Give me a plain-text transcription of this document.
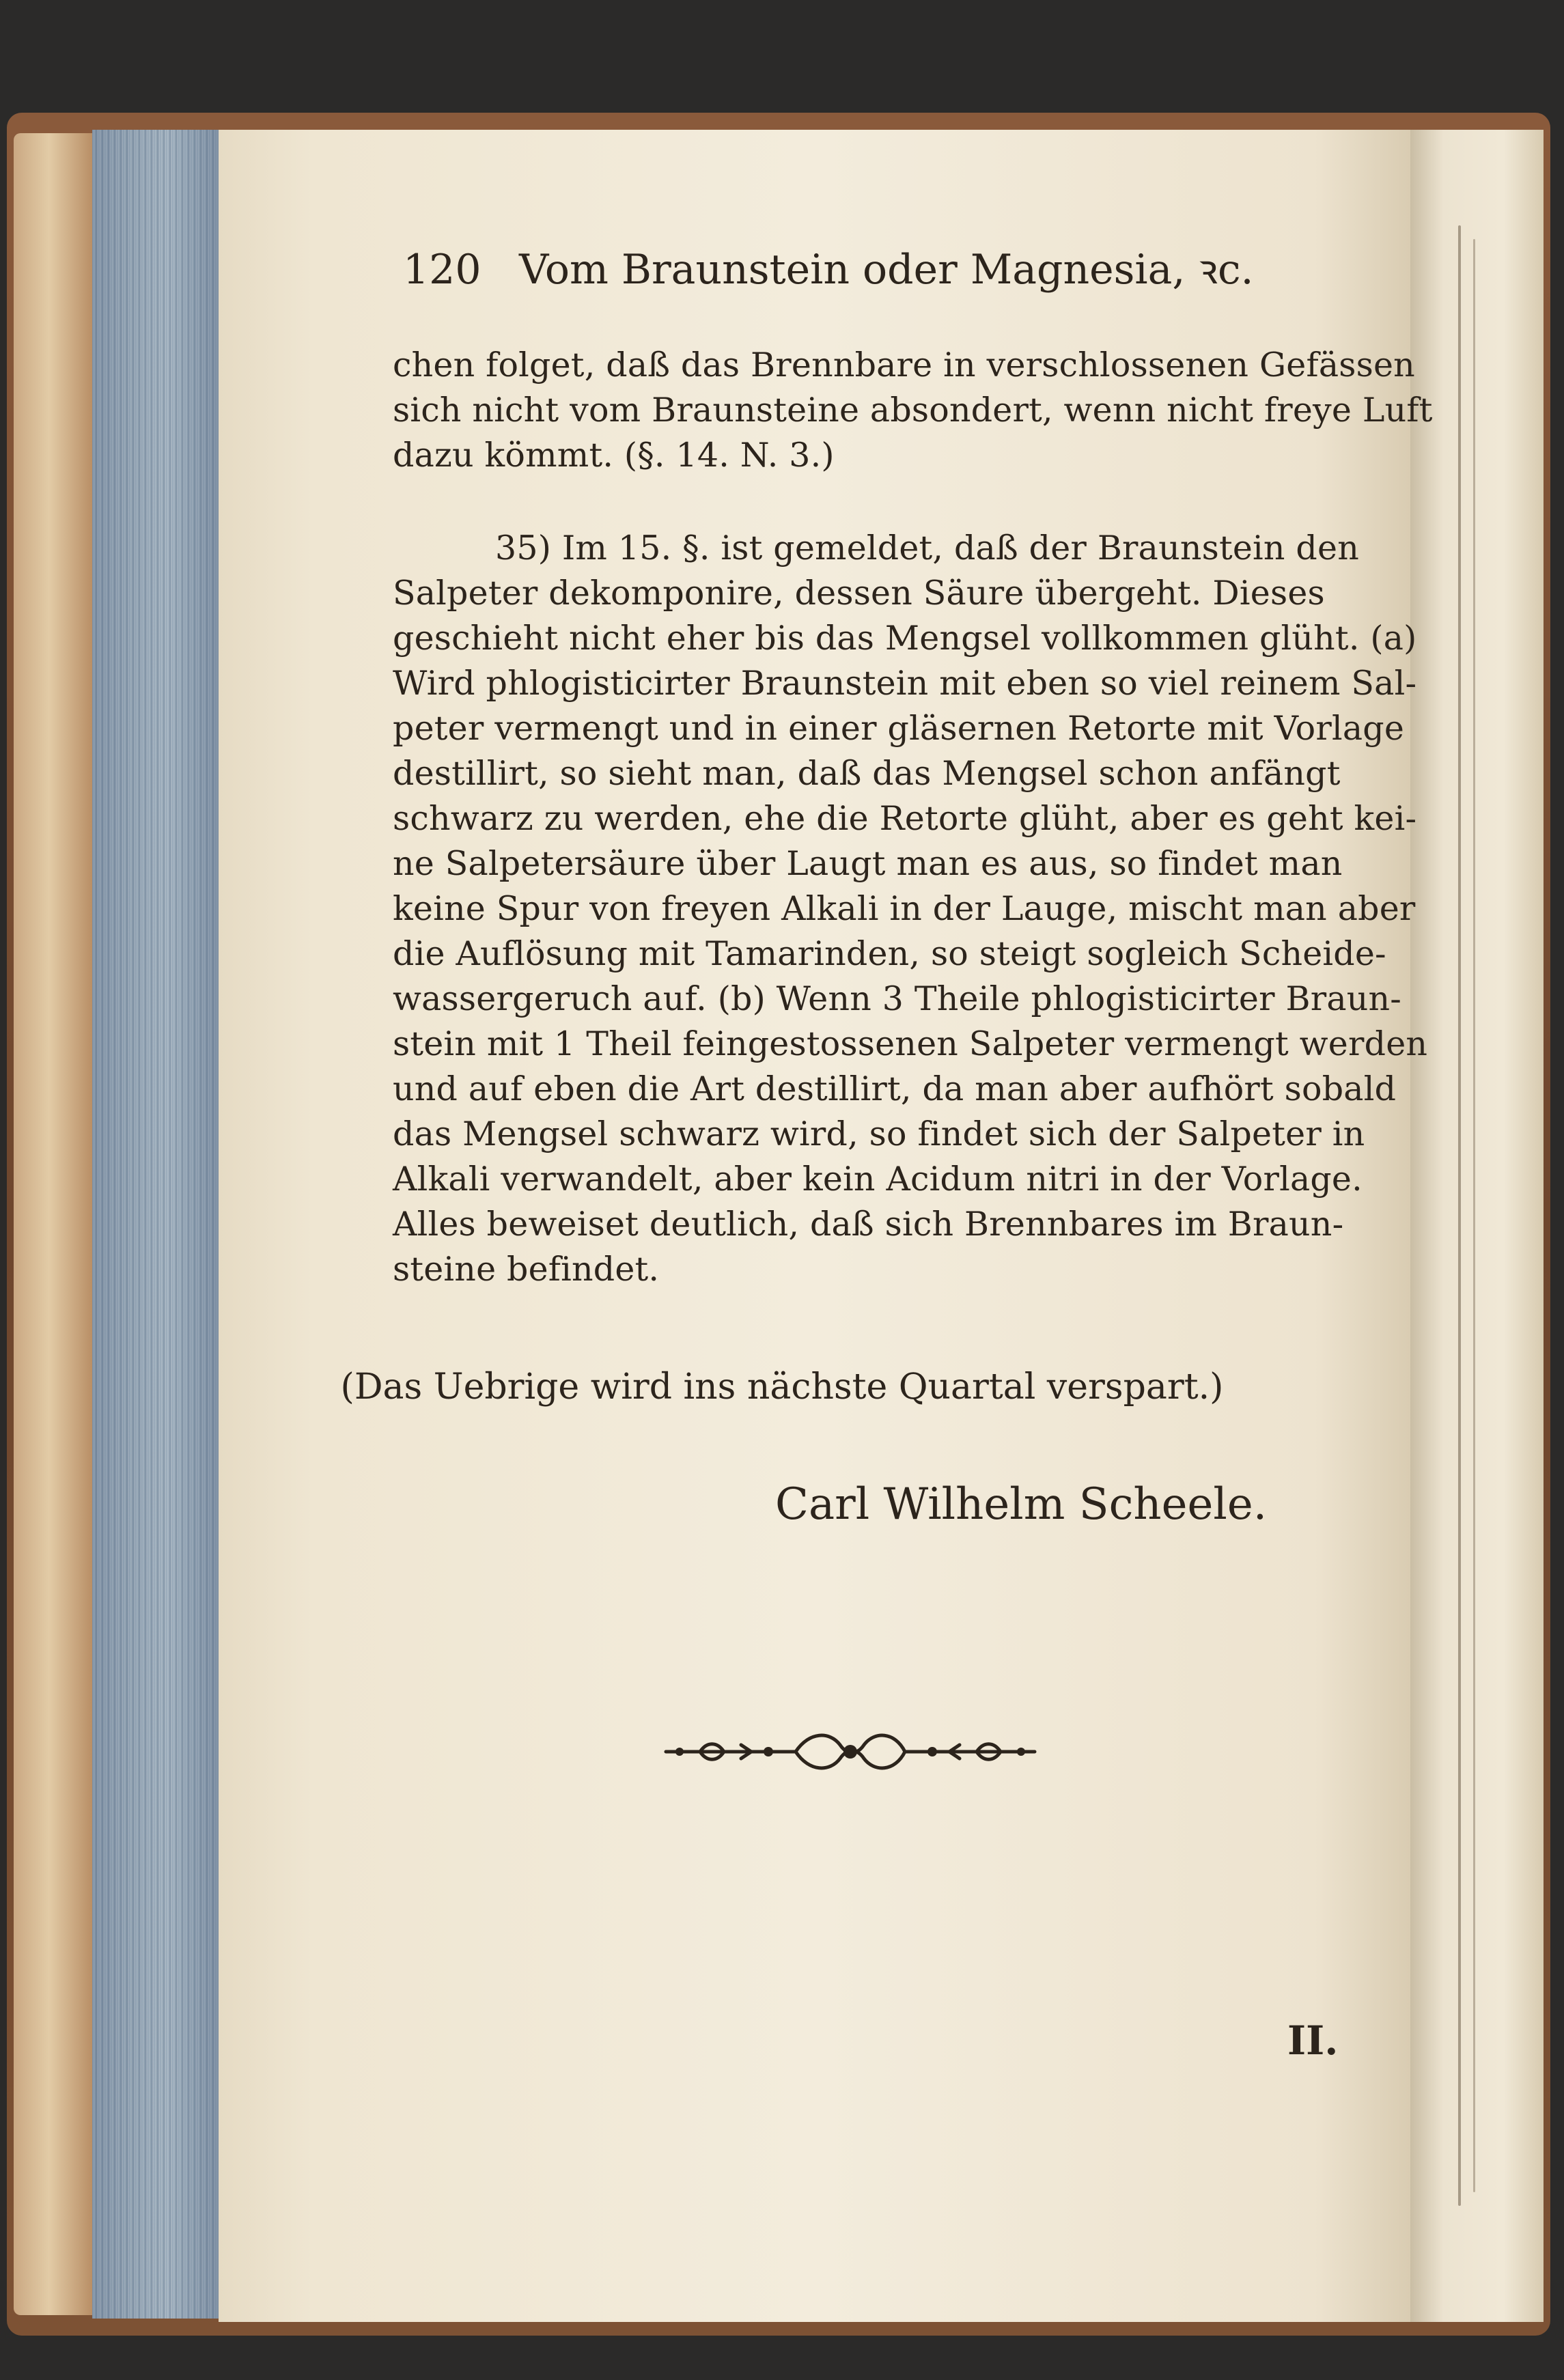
120 Vom Braunstein oder Magnesia, ꝛc.
chen folget, daß das Brennbare in verschlossenen Gefässen
sich nicht vom Braunsteine absondert, wenn nicht freye Luft
dazu kömmt. (§. 14. N. 3.)
35) Im 15. §. ist gemeldet, daß der Braunstein den
Salpeter dekomponire, dessen Säure übergeht. Dieses
geschieht nicht eher bis das Mengsel vollkommen glüht. (a)
Wird phlogisticirter Braunstein mit eben so viel reinem Sal-
peter vermengt und in einer gläsernen Retorte mit Vorlage
destillirt, so sieht man, daß das Mengsel schon anfängt
schwarz zu werden, ehe die Retorte glüht, aber es geht kei-
ne Salpetersäure über Laugt man es aus, so findet man
keine Spur von freyen Alkali in der Lauge, mischt man aber
die Auflösung mit Tamarinden, so steigt sogleich Scheide-
wassergeruch auf. (b) Wenn 3 Theile phlogisticirter Braun-
stein mit 1 Theil feingestossenen Salpeter vermengt werden
und auf eben die Art destillirt, da man aber aufhört sobald
das Mengsel schwarz wird, so findet sich der Salpeter in
Alkali verwandelt, aber kein Acidum nitri in der Vorlage.
Alles beweiset deutlich, daß sich Brennbares im Braun-
steine befindet.
(Das Uebrige wird ins nächste Quartal verspart.)
Carl Wilhelm Scheele.
II.
